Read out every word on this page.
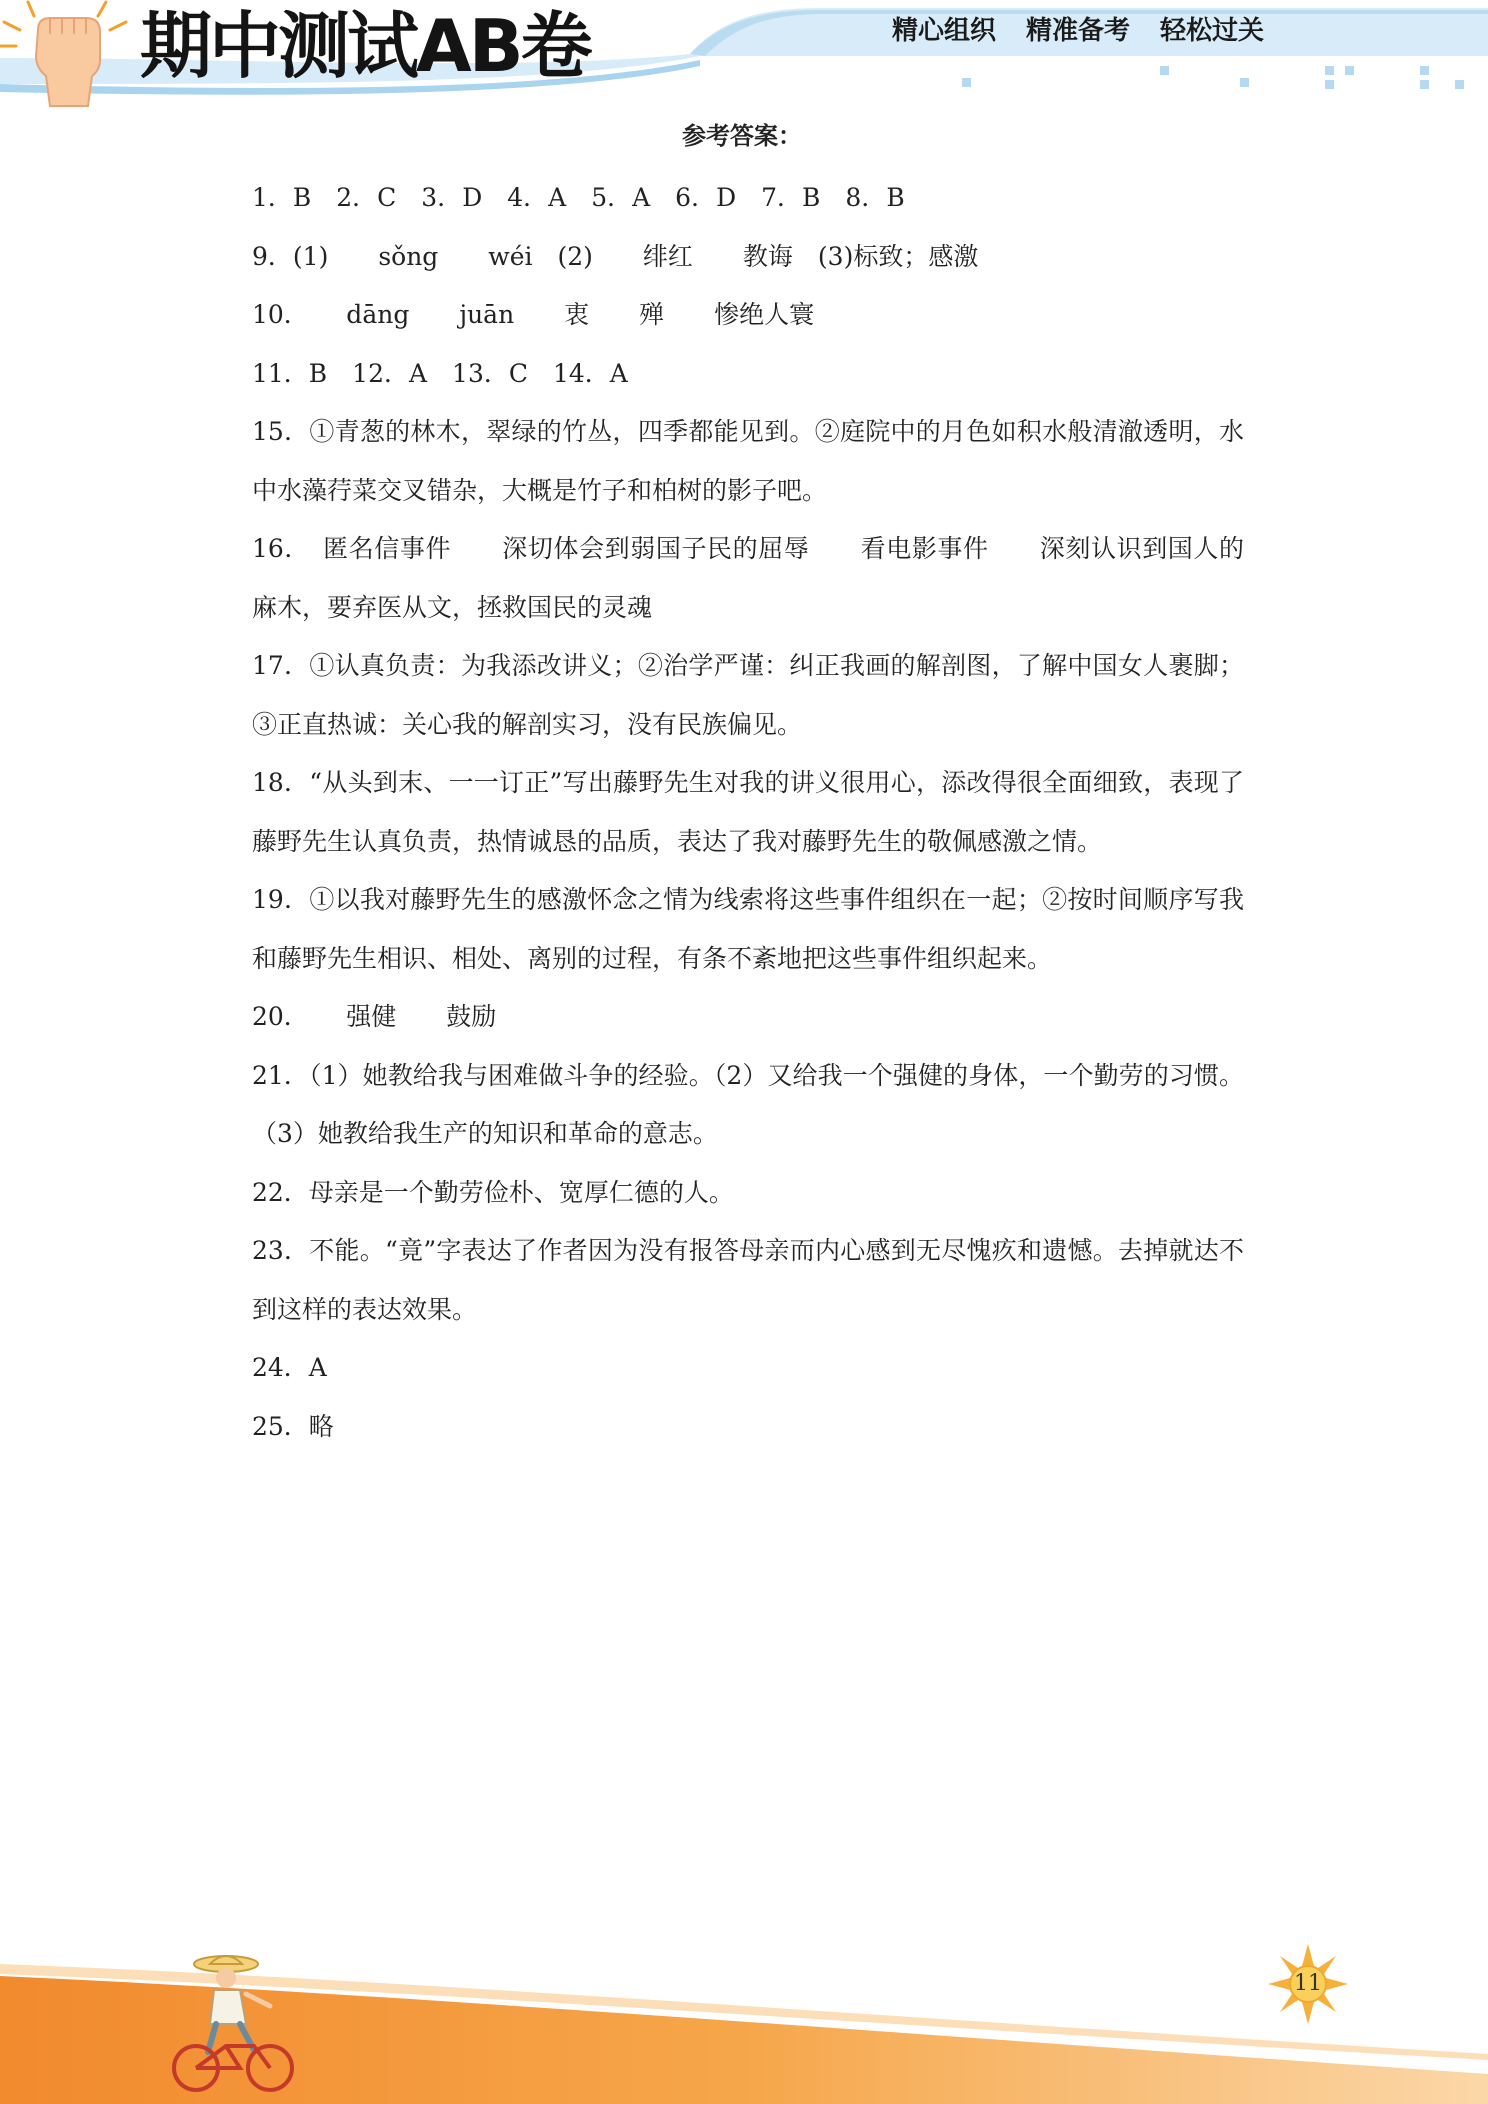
期中测试AB卷	精心组织 精准备考 轻松过关
参考答案：
1．B　2．C　3．D　4．A　5．A　6．D　7．B　8．B
9．(1)　　sǒng　　wéi　(2)　　绯红　　教诲　(3)标致；感激
10．　　dāng　　juān　　衷　　殚　　惨绝人寰
11．B　12．A　13．C　14．A
15．①青葱的林木，翠绿的竹丛，四季都能见到。②庭院中的月色如积水般清澈透明，水中水藻荇菜交叉错杂，大概是竹子和柏树的影子吧。
16．　匿名信事件　　深切体会到弱国子民的屈辱　　看电影事件　　深刻认识到国人的麻木，要弃医从文，拯救国民的灵魂
17．①认真负责：为我添改讲义；②治学严谨：纠正我画的解剖图，了解中国女人裹脚；③正直热诚：关心我的解剖实习，没有民族偏见。
18．“从头到末、一一订正”写出藤野先生对我的讲义很用心，添改得很全面细致，表现了藤野先生认真负责，热情诚恳的品质，表达了我对藤野先生的敬佩感激之情。
19．①以我对藤野先生的感激怀念之情为线索将这些事件组织在一起；②按时间顺序写我和藤野先生相识、相处、离别的过程，有条不紊地把这些事件组织起来。
20．　　强健　　鼓励
21．（1）她教给我与困难做斗争的经验。（2）又给我一个强健的身体，一个勤劳的习惯。（3）她教给我生产的知识和革命的意志。
22．母亲是一个勤劳俭朴、宽厚仁德的人。
23．不能。“竟”字表达了作者因为没有报答母亲而内心感到无尽愧疚和遗憾。去掉就达不到这样的表达效果。
24．A
25．略
11
